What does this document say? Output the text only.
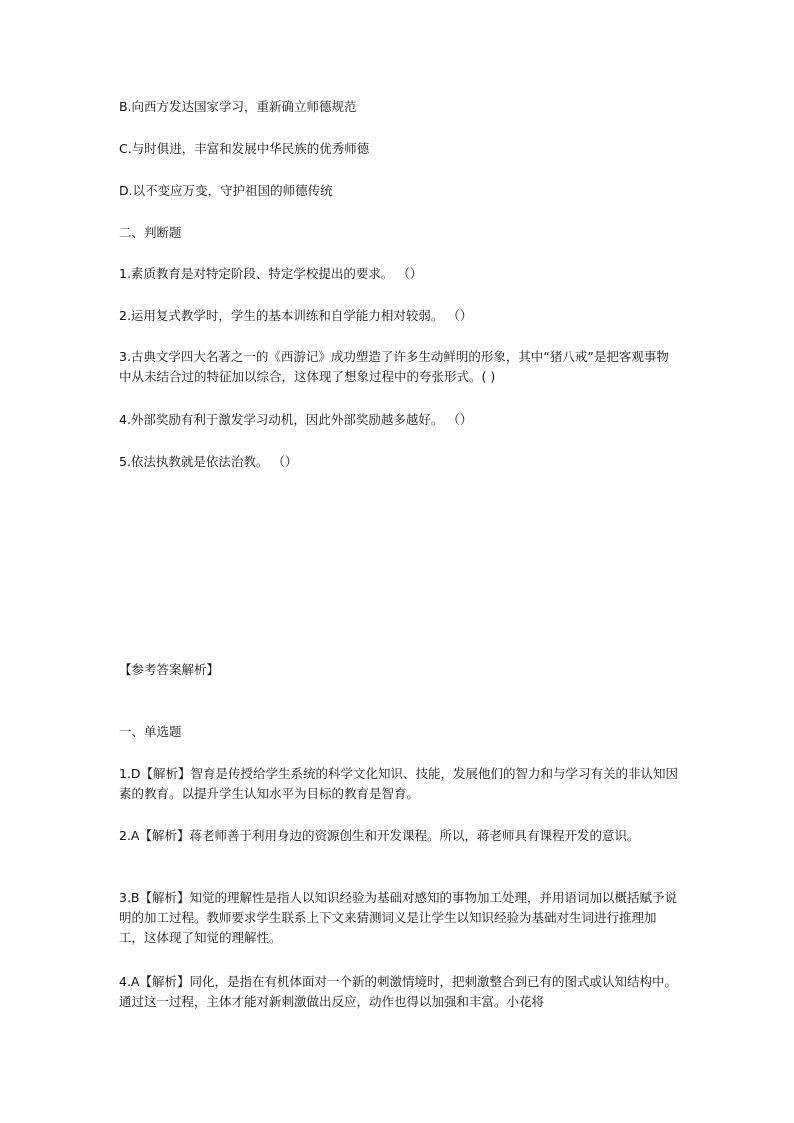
B.向西方发达国家学习，重新确立师德规范

C.与时俱进，丰富和发展中华民族的优秀师德

D.以不变应万变，守护祖国的师德传统

二、判断题

1.素质教育是对特定阶段、特定学校提出的要求。 （）

2.运用复式教学时，学生的基本训练和自学能力相对较弱。 （）

3.古典文学四大名著之一的《西游记》成功塑造了许多生动鲜明的形象，其中“猪八戒”是把客观事物中从未结合过的特征加以综合，这体现了想象过程中的夸张形式。( )

4.外部奖励有利于激发学习动机，因此外部奖励越多越好。 （）

5.依法执教就是依法治教。 （）

【参考答案解析】

一、单选题

1.D【解析】智育是传授给学生系统的科学文化知识、技能，发展他们的智力和与学习有关的非认知因素的教育。以提升学生认知水平为目标的教育是智育。

2.A【解析】蒋老师善于利用身边的资源创生和开发课程。所以，蒋老师具有课程开发的意识。

3.B【解析】知觉的理解性是指人以知识经验为基础对感知的事物加工处理，并用语词加以概括赋予说明的加工过程。教师要求学生联系上下文来猜测词义是让学生以知识经验为基础对生词进行推理加工，这体现了知觉的理解性。

4.A【解析】同化，是指在有机体面对一个新的刺激情境时，把刺激整合到已有的图式或认知结构中。通过这一过程，主体才能对新刺激做出反应，动作也得以加强和丰富。小花将
